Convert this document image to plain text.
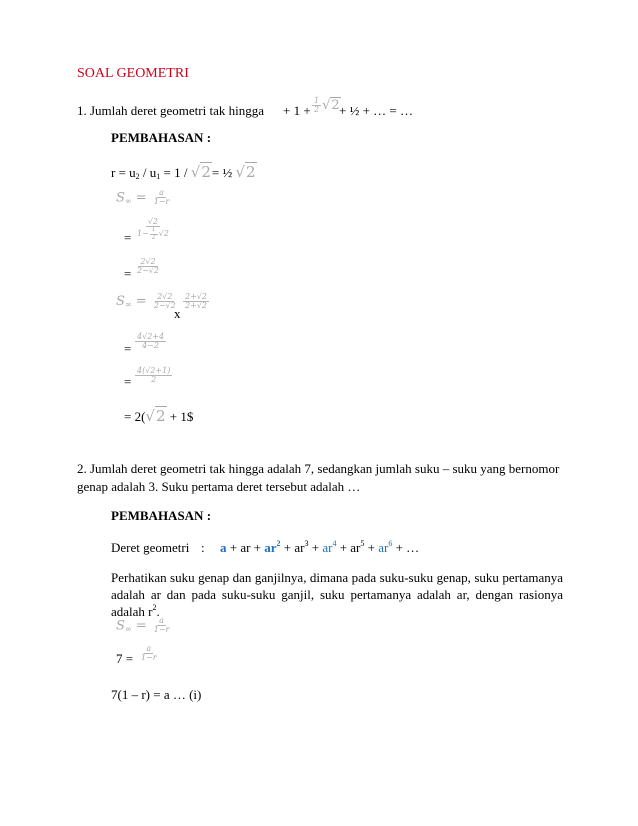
SOAL GEOMETRI
1. Jumlah deret geometri tak hingga + $1 + \frac{1}{2} √2$ + ½ + … = …
PEMBAHASAN :
$r = u_2 / u_1 = 1 / √2=$ ½ √2
$S_\infty = \frac{a}{1-r}$
= $\frac{√2}{1- \frac{1}{2} √2}$
= $\frac{2√2}{2-√2}$
$S_\infty = \frac{2√2}{2-√2}$
x
$\frac{2+√2}{2+√2}$
= $\frac{4√2+4}{4-2}$
= $\frac{4(√2+1)}{2}$
= 2(√2 + 1$
2. Jumlah deret geometri tak hingga adalah 7, sedangkan jumlah suku – suku yang bernomor
genap adalah 3. Suku pertama deret tersebut adalah …
PEMBAHASAN :
Deret geometri : a + ar + $ar^2 + ar^3 + ar^4 + ar^5 + ar^6$ + …
Perhatikan suku genap dan ganjilnya, dimana pada suku-suku genap, suku pertamanya adalah ar dan pada suku-suku ganjil, suku pertamanya adalah ar, dengan rasionya adalah $r^2$.
$S_\infty = \frac{a}{1-r}$
$7 = \frac{a}{1-r}$
7(1 – r) = a … (i)
